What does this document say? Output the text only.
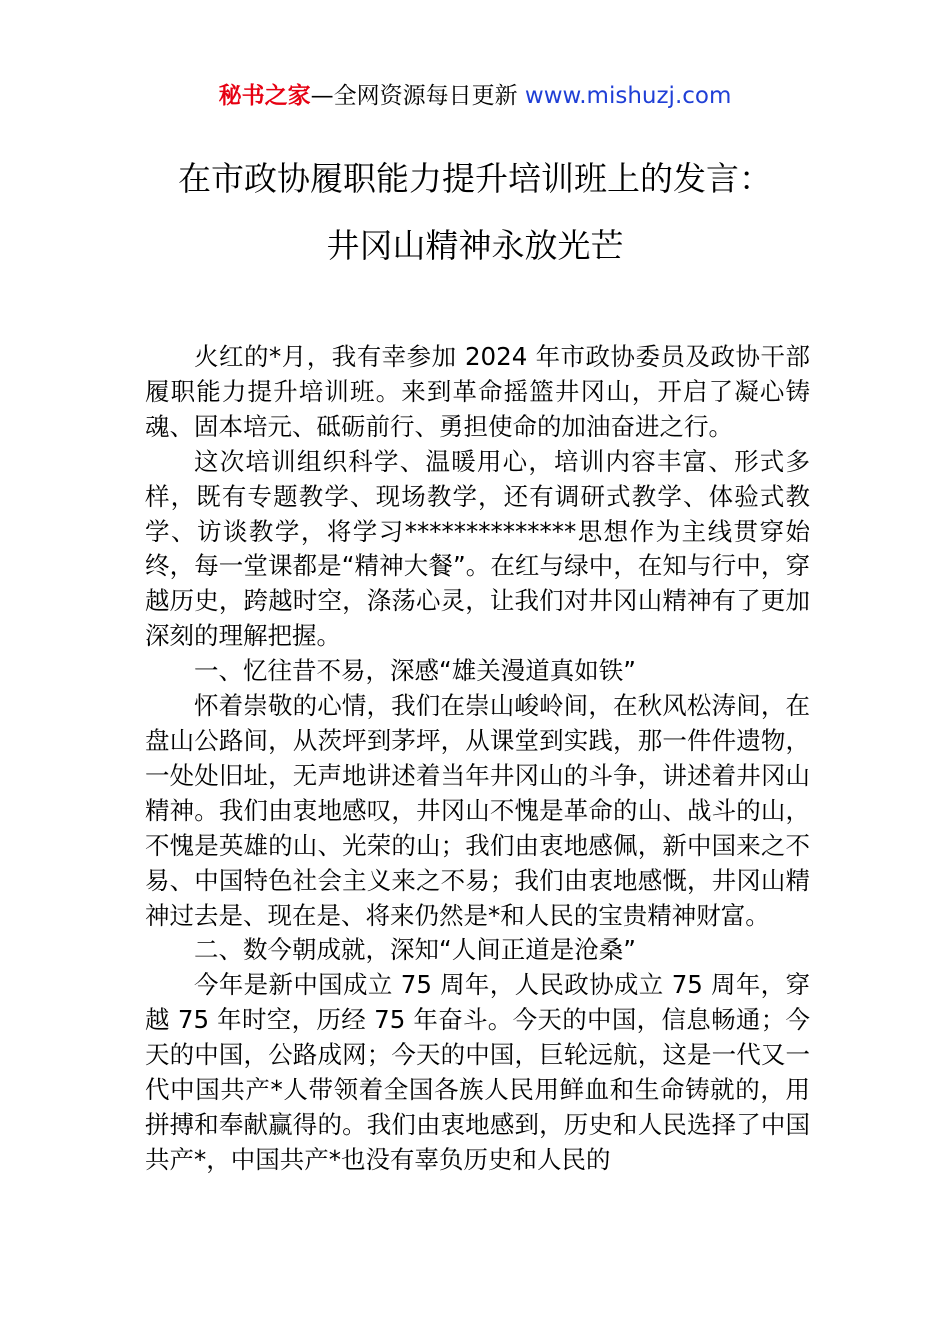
秘书之家—全网资源每日更新 www.mishuzj.com
在市政协履职能力提升培训班上的发言：
井冈山精神永放光芒

火红的*月，我有幸参加 2024 年市政协委员及政协干部履职能力提升培训班。来到革命摇篮井冈山，开启了凝心铸魂、固本培元、砥砺前行、勇担使命的加油奋进之行。

这次培训组织科学、温暖用心，培训内容丰富、形式多样，既有专题教学、现场教学，还有调研式教学、体验式教学、访谈教学，将学习**************思想作为主线贯穿始终，每一堂课都是“精神大餐”。在红与绿中，在知与行中，穿越历史，跨越时空，涤荡心灵，让我们对井冈山精神有了更加深刻的理解把握。

一、忆往昔不易，深感“雄关漫道真如铁”

怀着崇敬的心情，我们在崇山峻岭间，在秋风松涛间，在盘山公路间，从茨坪到茅坪，从课堂到实践，那一件件遗物，一处处旧址，无声地讲述着当年井冈山的斗争，讲述着井冈山精神。我们由衷地感叹，井冈山不愧是革命的山、战斗的山，不愧是英雄的山、光荣的山；我们由衷地感佩，新中国来之不易、中国特色社会主义来之不易；我们由衷地感慨，井冈山精神过去是、现在是、将来仍然是*和人民的宝贵精神财富。

二、数今朝成就，深知“人间正道是沧桑”

今年是新中国成立 75 周年，人民政协成立 75 周年，穿越 75 年时空，历经 75 年奋斗。今天的中国，信息畅通；今天的中国，公路成网；今天的中国，巨轮远航，这是一代又一代中国共产*人带领着全国各族人民用鲜血和生命铸就的，用拼搏和奉献赢得的。我们由衷地感到，历史和人民选择了中国共产*，中国共产*也没有辜负历史和人民的
